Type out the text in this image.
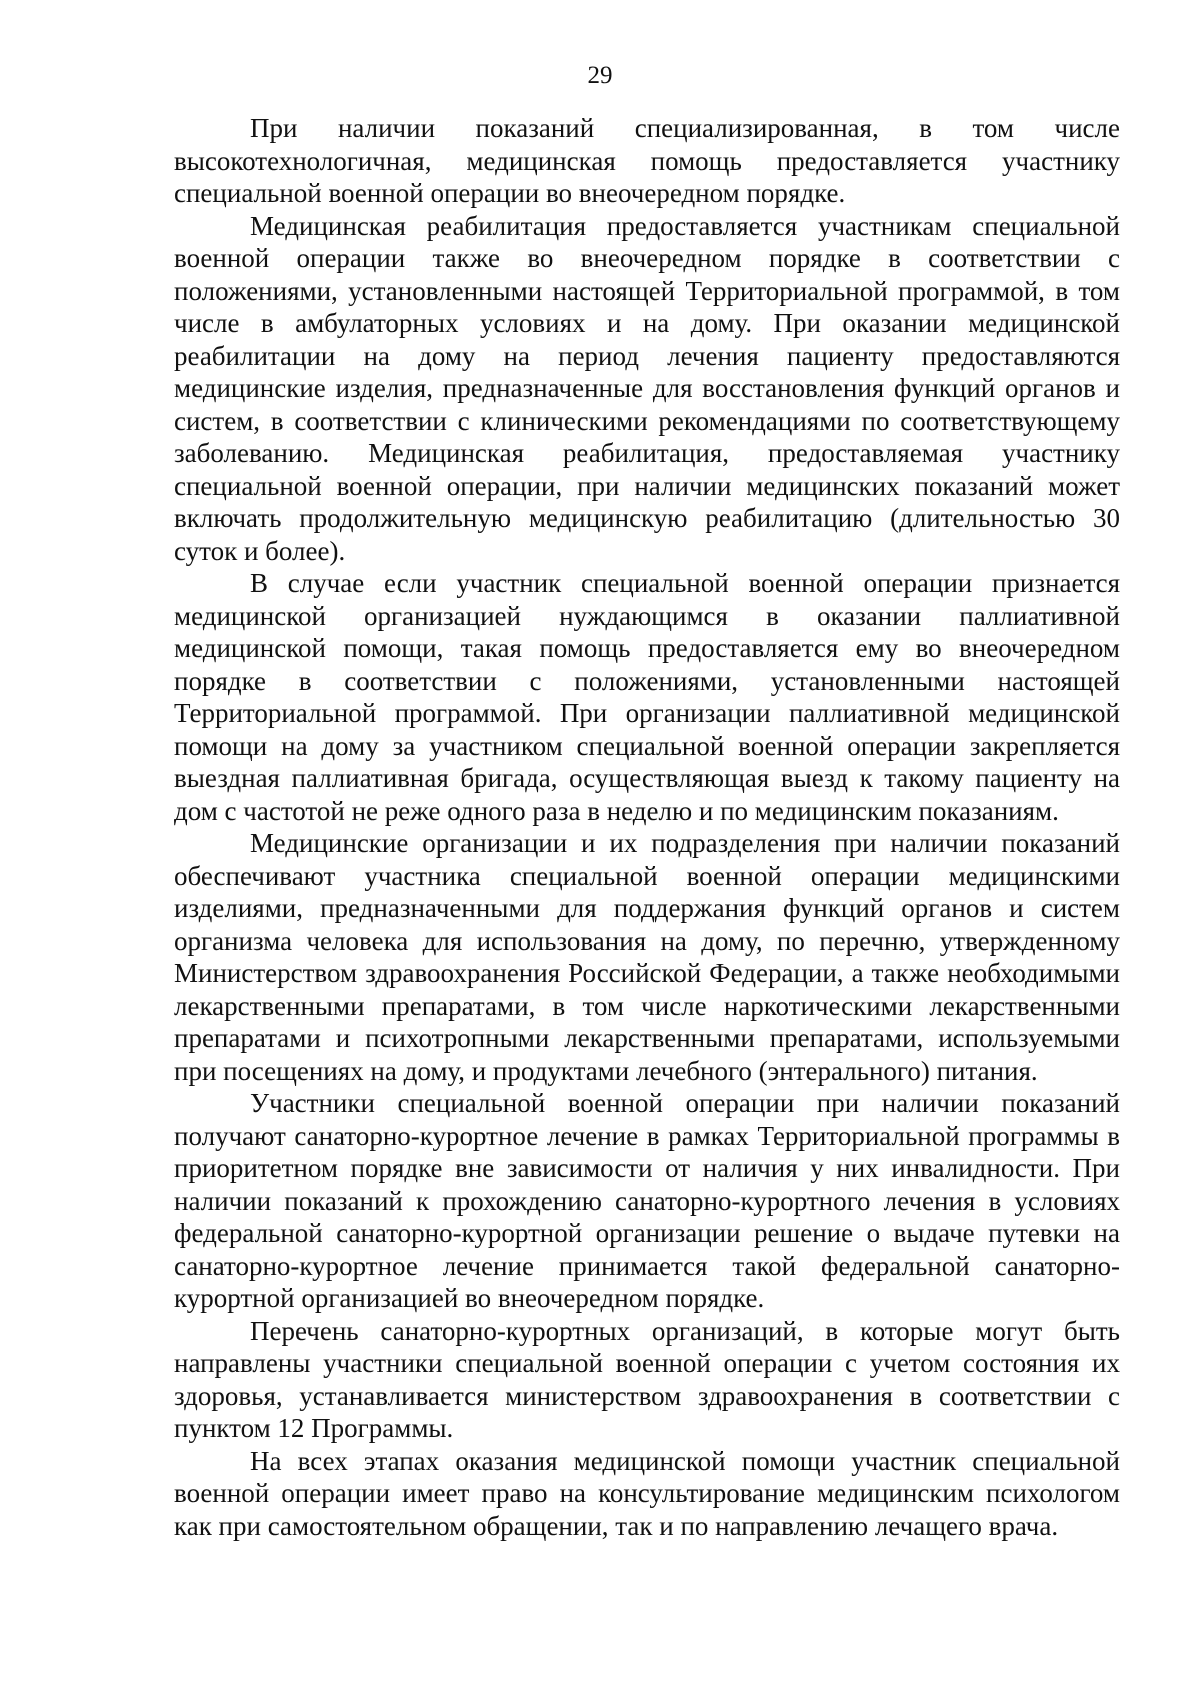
29

При наличии показаний специализированная, в том числе высокотехнологичная, медицинская помощь предоставляется участнику специальной военной операции во внеочередном порядке.

Медицинская реабилитация предоставляется участникам специальной военной операции также во внеочередном порядке в соответствии с положениями, установленными настоящей Территориальной программой, в том числе в амбулаторных условиях и на дому. При оказании медицинской реабилитации на дому на период лечения пациенту предоставляются медицинские изделия, предназначенные для восстановления функций органов и систем, в соответствии с клиническими рекомендациями по соответствующему заболеванию. Медицинская реабилитация, предоставляемая участнику специальной военной операции, при наличии медицинских показаний может включать продолжительную медицинскую реабилитацию (длительностью 30 суток и более).

В случае если участник специальной военной операции признается медицинской организацией нуждающимся в оказании паллиативной медицинской помощи, такая помощь предоставляется ему во внеочередном порядке в соответствии с положениями, установленными настоящей Территориальной программой. При организации паллиативной медицинской помощи на дому за участником специальной военной операции закрепляется выездная паллиативная бригада, осуществляющая выезд к такому пациенту на дом с частотой не реже одного раза в неделю и по медицинским показаниям.

Медицинские организации и их подразделения при наличии показаний обеспечивают участника специальной военной операции медицинскими изделиями, предназначенными для поддержания функций органов и систем организма человека для использования на дому, по перечню, утвержденному Министерством здравоохранения Российской Федерации, а также необходимыми лекарственными препаратами, в том числе наркотическими лекарственными препаратами и психотропными лекарственными препаратами, используемыми при посещениях на дому, и продуктами лечебного (энтерального) питания.

Участники специальной военной операции при наличии показаний получают санаторно-курортное лечение в рамках Территориальной программы в приоритетном порядке вне зависимости от наличия у них инвалидности. При наличии показаний к прохождению санаторно-курортного лечения в условиях федеральной санаторно-курортной организации решение о выдаче путевки на санаторно-курортное лечение принимается такой федеральной санаторно-курортной организацией во внеочередном порядке.

Перечень санаторно-курортных организаций, в которые могут быть направлены участники специальной военной операции с учетом состояния их здоровья, устанавливается министерством здравоохранения в соответствии с пунктом 12 Программы.

На всех этапах оказания медицинской помощи участник специальной военной операции имеет право на консультирование медицинским психологом как при самостоятельном обращении, так и по направлению лечащего врача.
